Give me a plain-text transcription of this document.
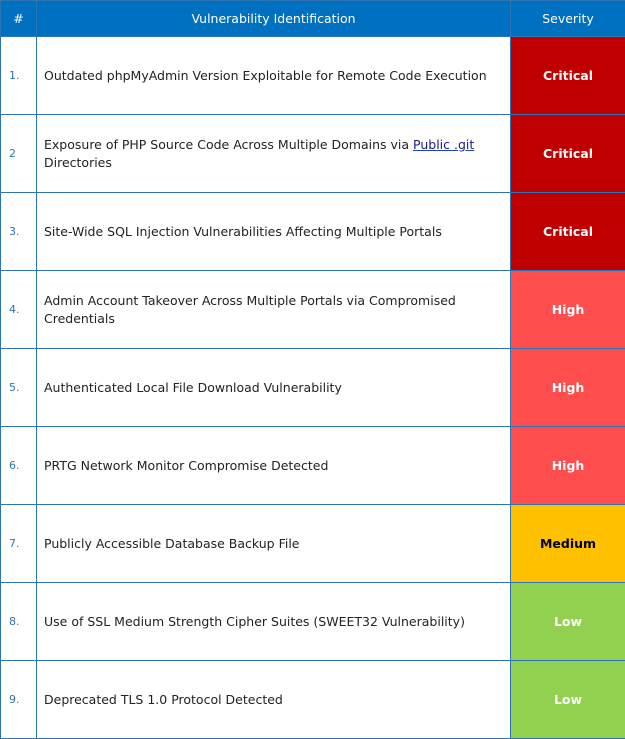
#	Vulnerability Identification	Severity
1.	Outdated phpMyAdmin Version Exploitable for Remote Code Execution	Critical
2	Exposure of PHP Source Code Across Multiple Domains via Public .git Directories	Critical
3.	Site-Wide SQL Injection Vulnerabilities Affecting Multiple Portals	Critical
4.	Admin Account Takeover Across Multiple Portals via Compromised Credentials	High
5.	Authenticated Local File Download Vulnerability	High
6.	PRTG Network Monitor Compromise Detected	High
7.	Publicly Accessible Database Backup File	Medium
8.	Use of SSL Medium Strength Cipher Suites (SWEET32 Vulnerability)	Low
9.	Deprecated TLS 1.0 Protocol Detected	Low
